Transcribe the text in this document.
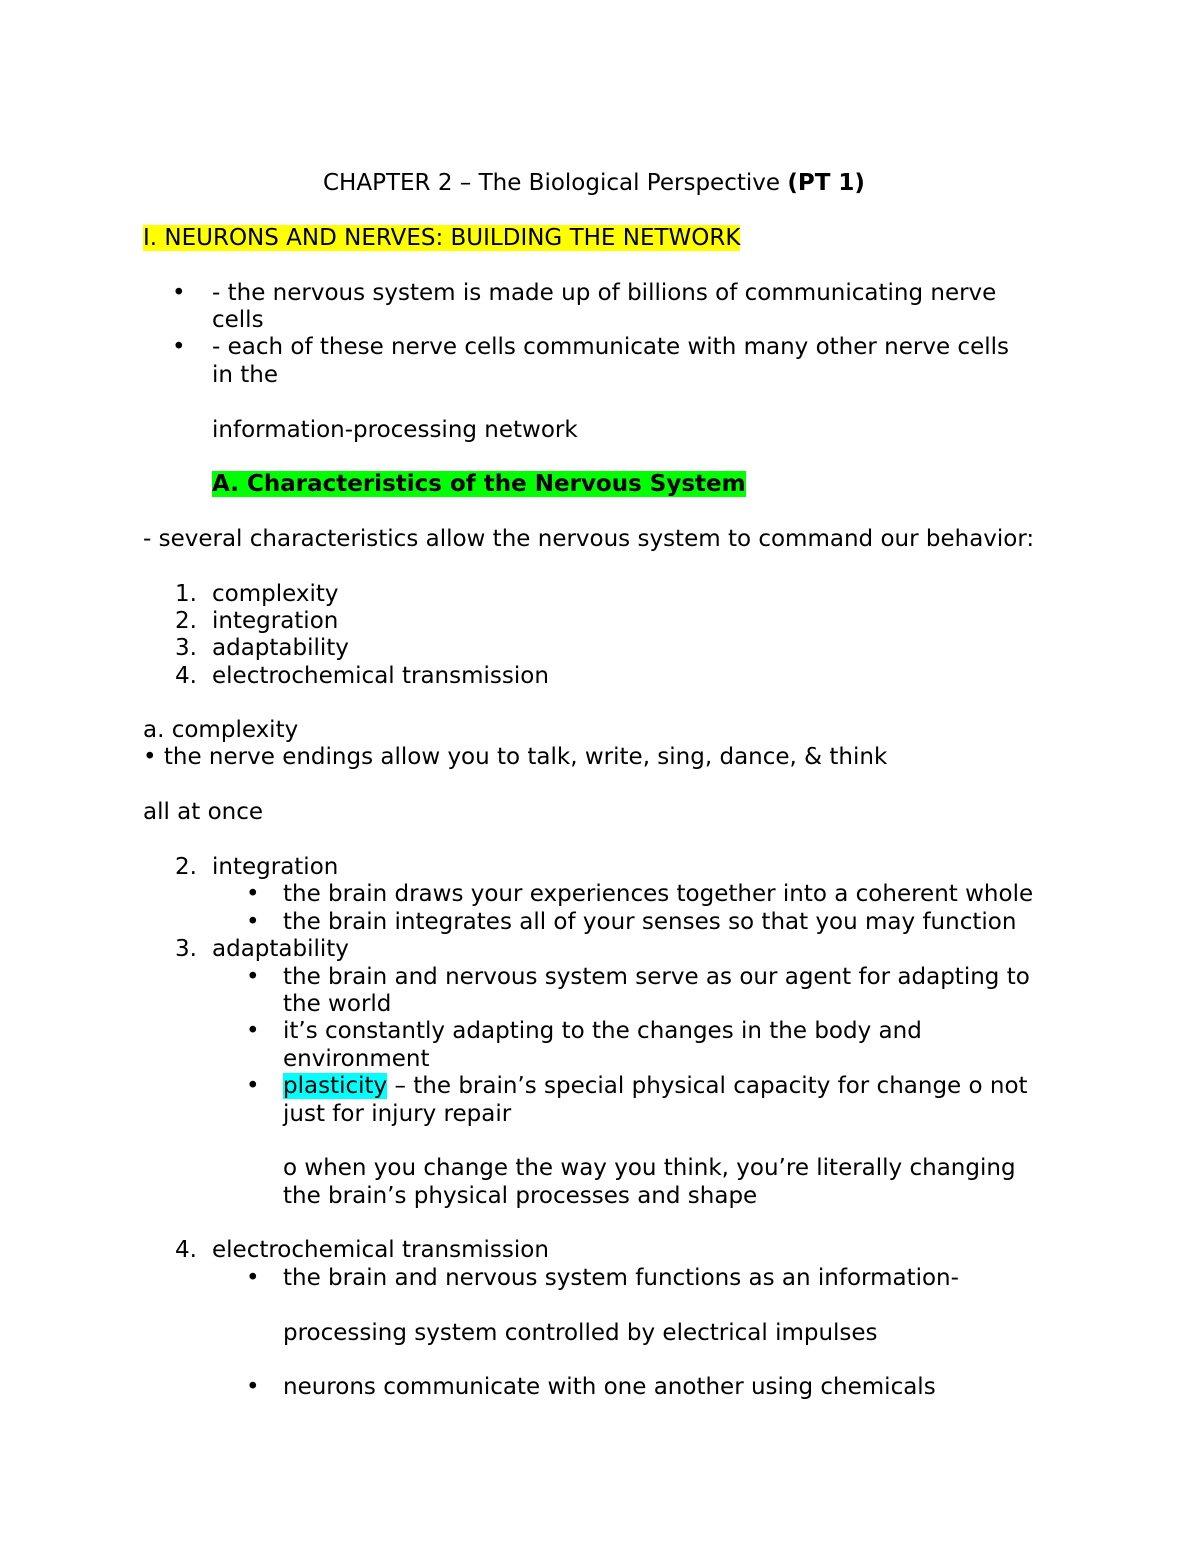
CHAPTER 2 – The Biological Perspective (PT 1)
I. NEURONS AND NERVES: BUILDING THE NETWORK
• - the nervous system is made up of billions of communicating nerve
cells
• - each of these nerve cells communicate with many other nerve cells
in the
information-processing network
A. Characteristics of the Nervous System
- several characteristics allow the nervous system to command our behavior:
1. complexity
2. integration
3. adaptability
4. electrochemical transmission
a. complexity
• the nerve endings allow you to talk, write, sing, dance, & think
all at once
2. integration
• the brain draws your experiences together into a coherent whole
• the brain integrates all of your senses so that you may function
3. adaptability
• the brain and nervous system serve as our agent for adapting to
the world
• it’s constantly adapting to the changes in the body and
environment
• plasticity – the brain’s special physical capacity for change o not
just for injury repair
o when you change the way you think, you’re literally changing
the brain’s physical processes and shape
4. electrochemical transmission
• the brain and nervous system functions as an information-
processing system controlled by electrical impulses
• neurons communicate with one another using chemicals
